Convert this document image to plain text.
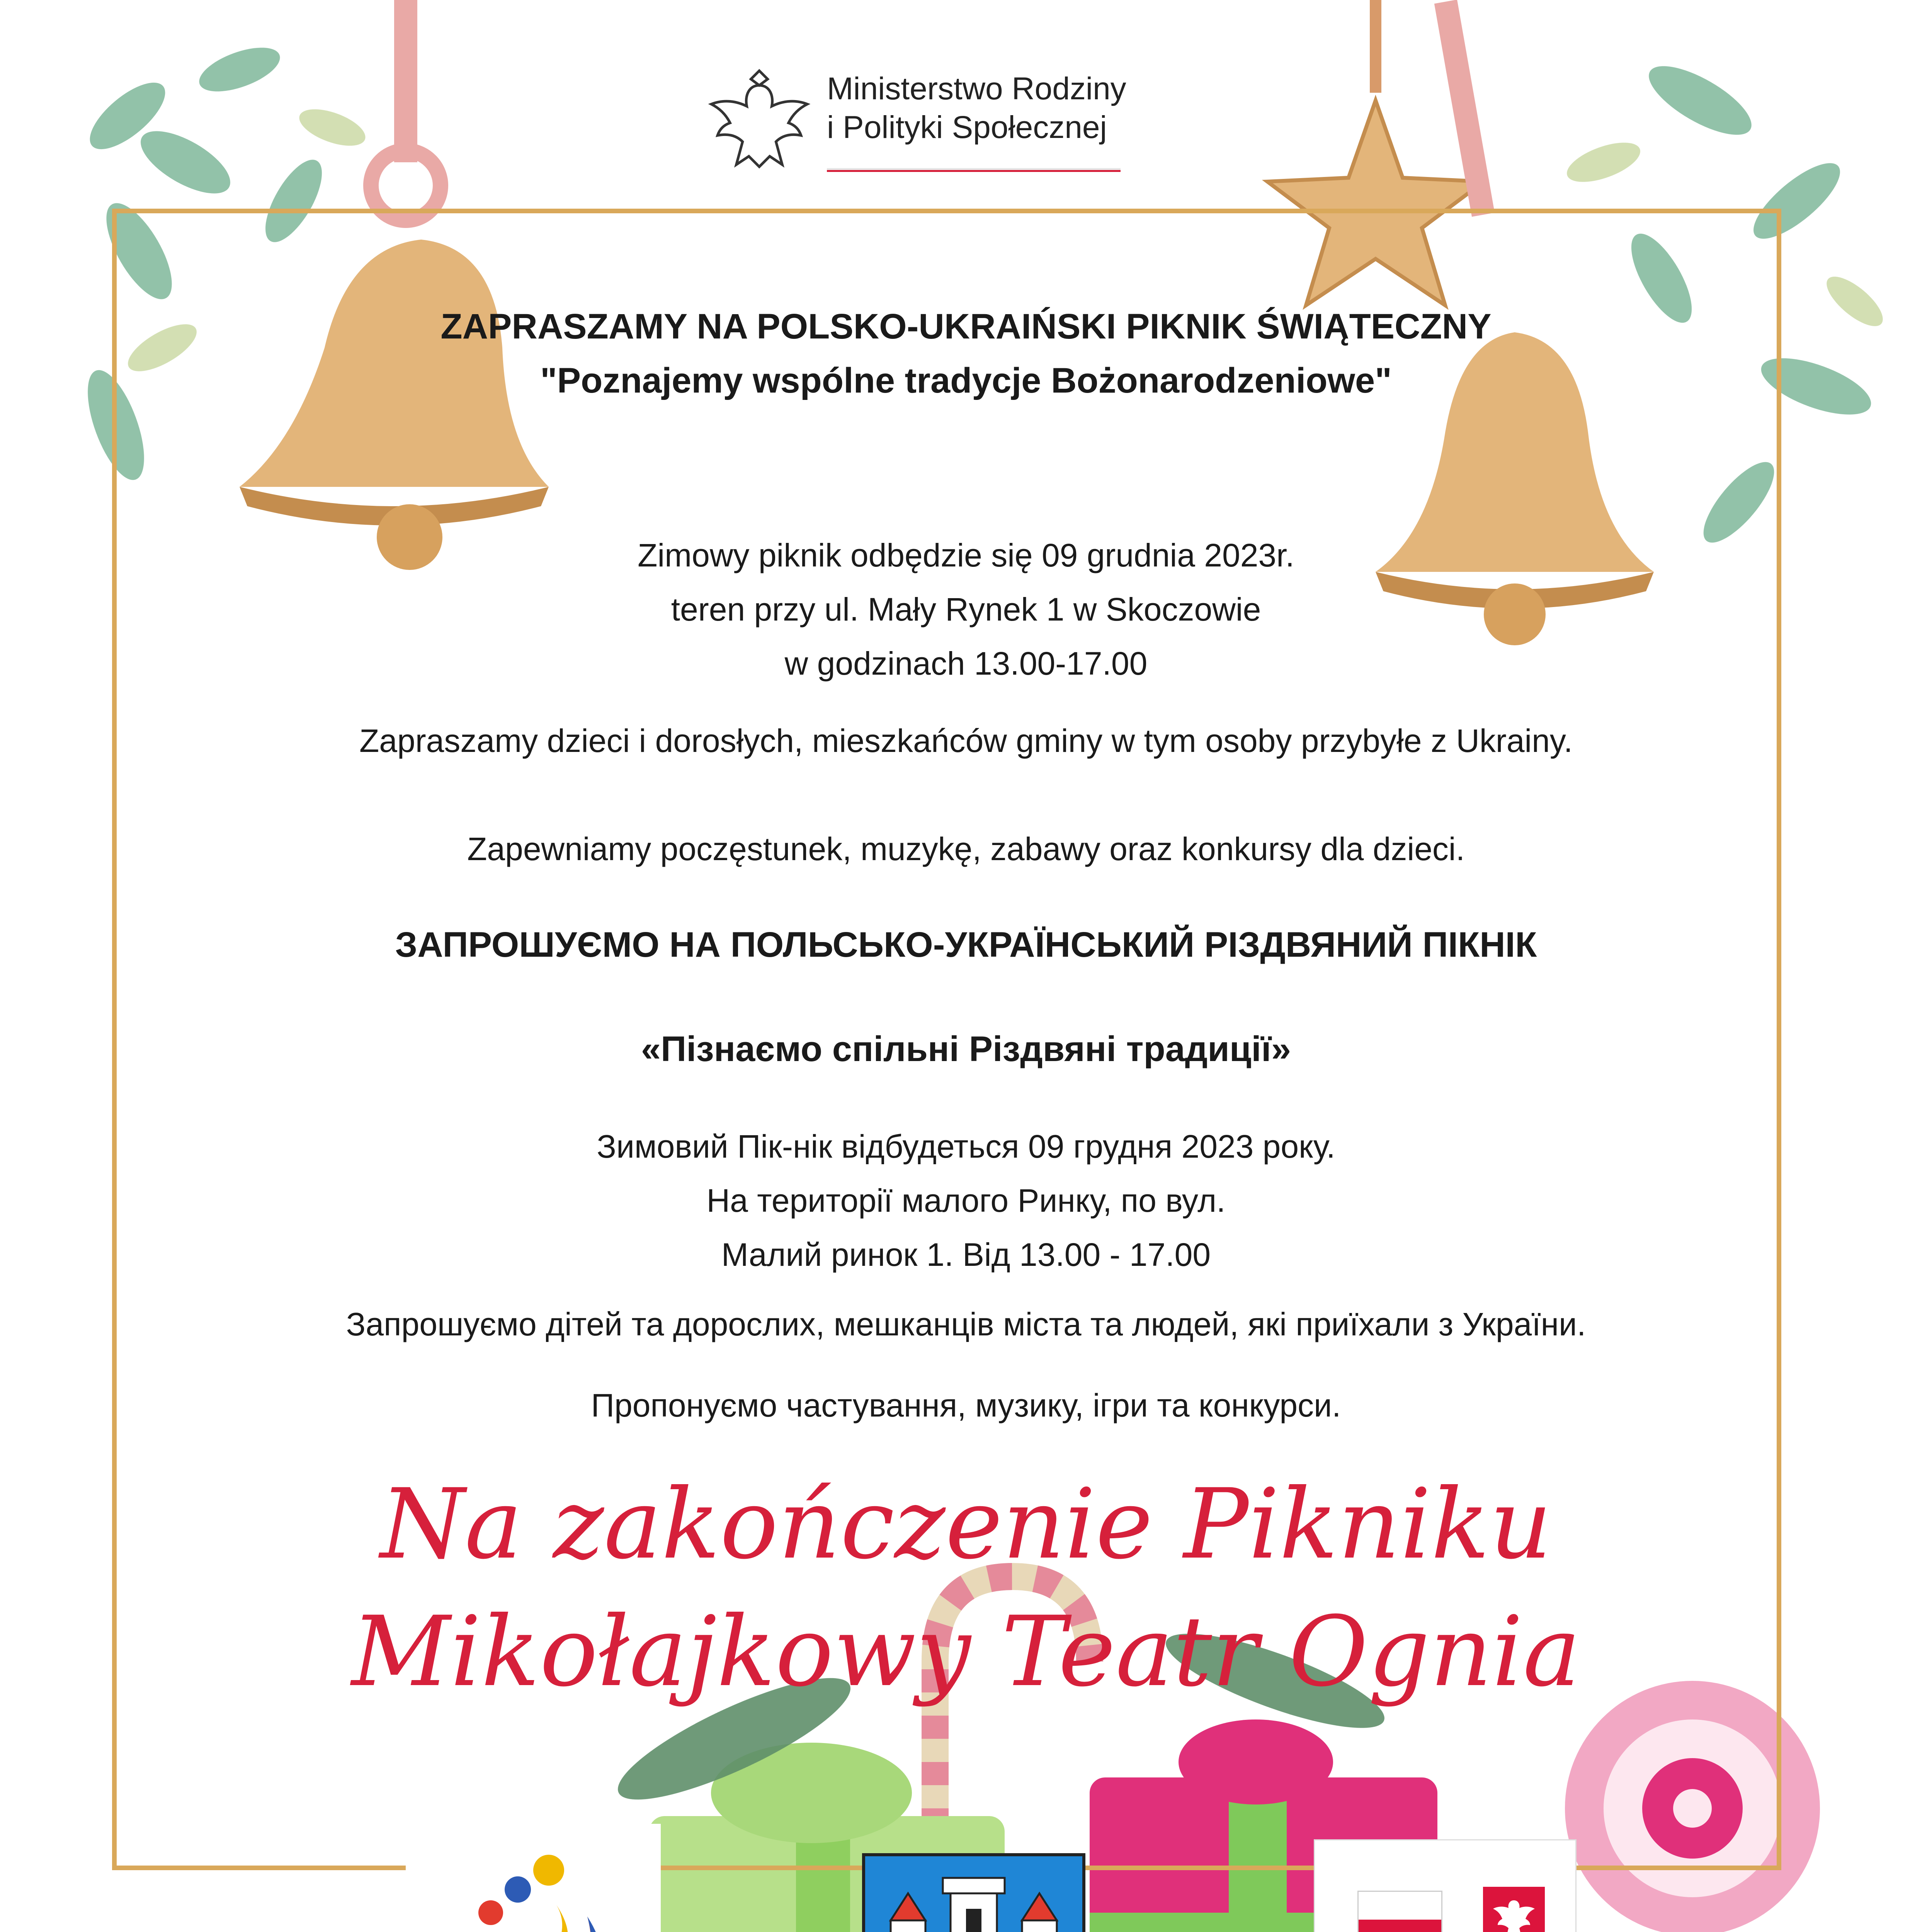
Ministerstwo Rodziny
i Polityki Społecznej
ZAPRASZAMY NA POLSKO-UKRAIŃSKI PIKNIK ŚWIĄTECZNY
"Poznajemy wspólne tradycje Bożonarodzeniowe"
Zimowy piknik odbędzie się 09 grudnia 2023r.
teren przy ul. Mały Rynek 1 w Skoczowie
w godzinach 13.00-17.00
Zapraszamy dzieci i dorosłych, mieszkańców gminy w tym osoby przybyłe z Ukrainy.
Zapewniamy poczęstunek, muzykę, zabawy oraz konkursy dla dzieci.
ЗАПРОШУЄМО НА ПОЛЬСЬКО-УКРАЇНСЬКИЙ РІЗДВЯНИЙ ПІКНІК
«Пізнаємо спільні Різдвяні традиції»
Зимовий Пік-нік відбудеться 09 грудня 2023 року.
На території малого Ринку, по вул.
Малий ринок 1. Від 13.00 - 17.00
Запрошуємо дітей та дорослих, мешканців міста та людей, які приїхали з України.
Пропонуємо частування, музику, ігри та конкурси.
Na zakończenie Pikniku
Mikołajkowy Teatr Ognia
